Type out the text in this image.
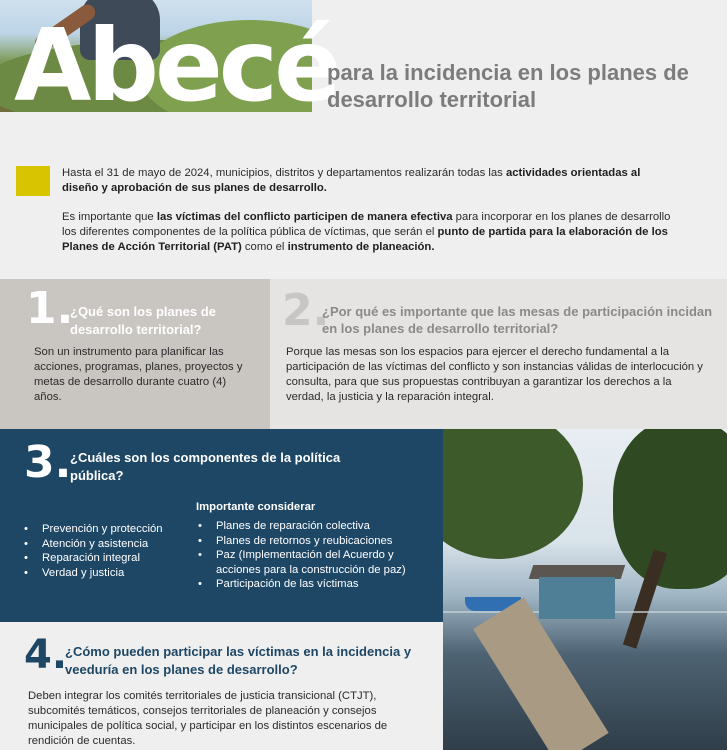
Abecé
para la incidencia en los planes de desarrollo territorial

Hasta el 31 de mayo de 2024, municipios, distritos y departamentos realizarán todas las actividades orientadas al diseño y aprobación de sus planes de desarrollo.

Es importante que las víctimas del conflicto participen de manera efectiva para incorporar en los planes de desarrollo los diferentes componentes de la política pública de víctimas, que serán el punto de partida para la elaboración de los Planes de Acción Territorial (PAT) como el instrumento de planeación.

1.
¿Qué son los planes de desarrollo territorial?
Son un instrumento para planificar las acciones, programas, planes, proyectos y metas de desarrollo durante cuatro (4) años.
2.
¿Por qué es importante que las mesas de participación incidan en los planes de desarrollo territorial?
Porque las mesas son los espacios para ejercer el derecho fundamental a la participación de las víctimas del conflicto y son instancias válidas de interlocución y consulta, para que sus propuestas contribuyan a garantizar los derechos a la verdad, la justicia y la reparación integral.
3.
¿Cuáles son los componentes de la política pública?
• Prevención y protección
• Atención y asistencia
• Reparación integral
• Verdad y justicia
Importante considerar
• Planes de reparación colectiva
• Planes de retornos y reubicaciones
• Paz (Implementación del Acuerdo y acciones para la construcción de paz)
• Participación de las víctimas
4.
¿Cómo pueden participar las víctimas en la incidencia y veeduría en los planes de desarrollo?
Deben integrar los comités territoriales de justicia transicional (CTJT), subcomités temáticos, consejos territoriales de planeación y consejos municipales de política social, y participar en los distintos escenarios de rendición de cuentas.
